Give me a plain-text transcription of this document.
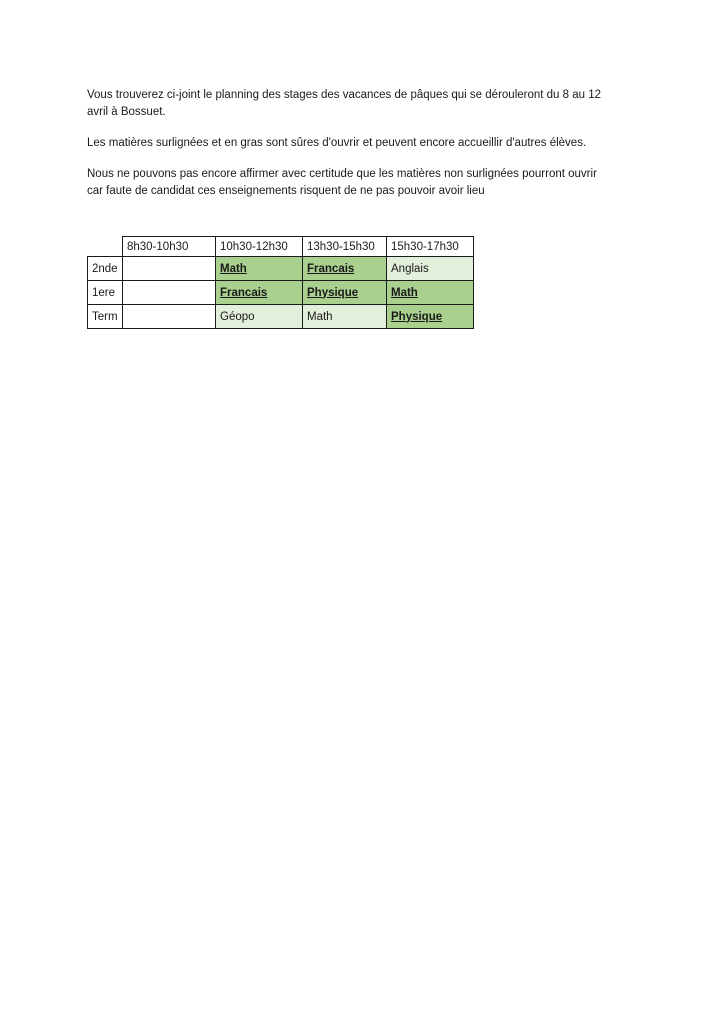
Vous trouverez ci-joint le planning des stages des vacances de pâques qui se dérouleront du 8 au 12
avril à Bossuet.

Les matières surlignées et en gras sont sûres d'ouvrir et peuvent encore accueillir d'autres élèves.

Nous ne pouvons pas encore affirmer avec certitude que les matières non surlignées pourront ouvrir
car faute de candidat ces enseignements risquent de ne pas pouvoir avoir lieu

	8h30-10h30	10h30-12h30	13h30-15h30	15h30-17h30
2nde		Math	Francais	Anglais
1ere		Francais	Physique	Math
Term		Géopo	Math	Physique
